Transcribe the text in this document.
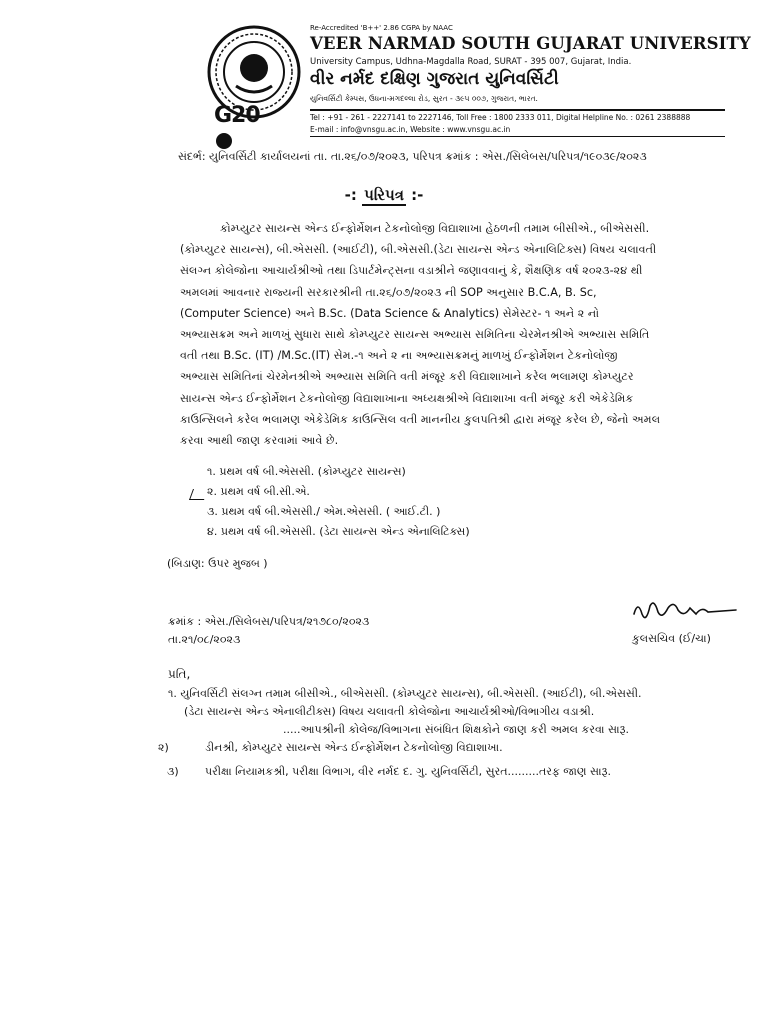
G20
Re-Accredited 'B++' 2.86 CGPA by NAAC
VEER NARMAD SOUTH GUJARAT UNIVERSITY
University Campus, Udhna-Magdalla Road, SURAT - 395 007, Gujarat, India.
વીર નર્મદ દક્ષિણ ગુજરાત યુનિવર્સિટી
યુનિવર્સિટી કેમ્પસ, ઉધના-મગદલ્લા રોડ, સુરત - ૩૯૫ ૦૦૭, ગુજરાત, ભારત.
Tel : +91 - 261 - 2227141 to 2227146, Toll Free : 1800 2333 011, Digital Helpline No. : 0261 2388888
E-mail : info@vnsgu.ac.in, Website : www.vnsgu.ac.in
સંદર્ભ: યુનિવર્સિટી કાર્યાલયનાં તા. તા.૨૬/૦૭/૨૦૨૩, પરિપત્ર ક્રમાંક : એસ./સિલેબસ/પરિપત્ર/૧૯૦૩૯/૨૦૨૩
-: પરિપત્ર :-
કોમ્પ્યુટર સાયન્સ એન્ડ ઈન્ફોર્મેશન ટેકનોલોજી વિદ્યાશાખા હેઠળની તમામ બીસીએ., બીએસસી.
(કોમ્પ્યુટર સાયન્સ), બી.એસસી. (આઈટી), બી.એસસી.(ડેટા સાયન્સ એન્ડ એનાલિટિક્સ) વિષય ચલાવતી
સંલગ્ન કોલેજોના આચાર્યશ્રીઓ તથા ડિપાર્ટમેન્ટ્સના વડાશ્રીને જણાવવાનું કે, શૈક્ષણિક વર્ષ ૨૦૨૩-૨૪ થી
અમલમાં આવનાર રાજ્યની સરકારશ્રીની તા.૨૬/૦૭/૨૦૨૩ ની SOP અનુસાર B.C.A, B. Sc,
(Computer Science) અને B.Sc. (Data Science & Analytics) સેમેસ્ટર- ૧ અને ૨ નો
અભ્યાસક્રમ અને માળખું સુધારા સાથે કોમ્પ્યુટર સાયન્સ અભ્યાસ સમિતિના ચેરમેનશ્રીએ અભ્યાસ સમિતિ
વતી તથા B.Sc. (IT) /M.Sc.(IT) સેમ.-૧ અને ૨ ના અભ્યાસક્રમનું માળખું ઈન્ફોર્મેશન ટેકનોલોજી
અભ્યાસ સમિતિનાં ચેરમેનશ્રીએ અભ્યાસ સમિતિ વતી મંજૂર કરી વિદ્યાશાખાને કરેલ ભલામણ કોમ્પ્યુટર
સાયન્સ એન્ડ ઈન્ફોર્મેશન ટેકનોલોજી વિદ્યાશાખાના અધ્યક્ષશ્રીએ વિદ્યાશાખા વતી મંજૂર કરી એકેડેમિક
કાઉન્સિલને કરેલ ભલામણ એકેડેમિક કાઉન્સિલ વતી માનનીય કુલપતિશ્રી દ્વારા મંજૂર કરેલ છે, જેનો અમલ
કરવા આથી જાણ કરવામાં આવે છે.
૧. પ્રથમ વર્ષ બી.એસસી. (કોમ્પ્યુટર સાયન્સ)
૨. પ્રથમ વર્ષ બી.સી.એ.
૩. પ્રથમ વર્ષ બી.એસસી./ એમ.એસસી. ( આઈ.ટી. )
૪. પ્રથમ વર્ષ બી.એસસી. (ડેટા સાયન્સ એન્ડ એનાલિટિક્સ)
(બિડાણ: ઉપર મુજબ )
ક્રમાંક : એસ./સિલેબસ/પરિપત્ર/૨૧૭૮૦/૨૦૨૩
તા.૨૧/૦૮/૨૦૨૩	કુલસચિવ (ઈ/ચા)
પ્રતિ,
૧. યુનિવર્સિટી સંલગ્ન તમામ બીસીએ., બીએસસી. (કોમ્પ્યુટર સાયન્સ), બી.એસસી. (આઈટી), બી.એસસી.
(ડેટા સાયન્સ એન્ડ એનાલીટીક્સ) વિષય ચલાવતી કોલેજોના આચાર્યશ્રીઓ/વિભાગીય વડાશ્રી.
.....આપશ્રીની કોલેજ/વિભાગના સંબંધિત શિક્ષકોને જાણ કરી અમલ કરવા સારૂ.
૨)	ડીનશ્રી, કોમ્પ્યુટર સાયન્સ એન્ડ ઈન્ફોર્મેશન ટેકનોલોજી વિદ્યાશાખા.
૩) પરીક્ષા નિયામકશ્રી, પરીક્ષા વિભાગ, વીર નર્મદ દ. ગુ. યુનિવર્સિટી, સુરત.........તરફ જાણ સારૂ.
